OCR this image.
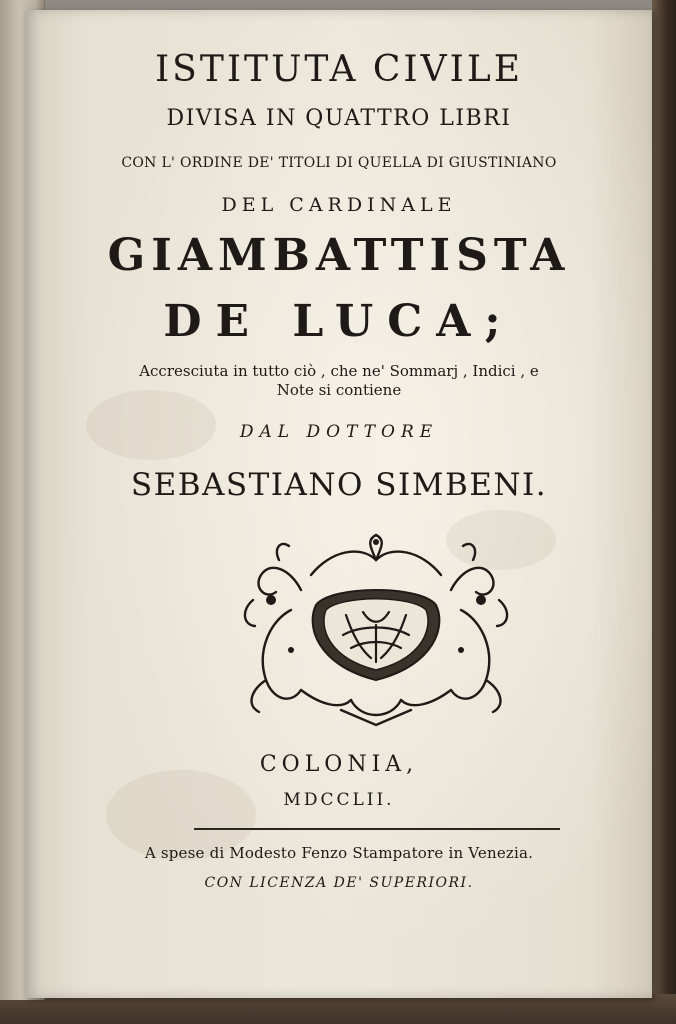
ISTITUTA CIVILE
DIVISA IN QUATTRO LIBRI
CON L' ORDINE DE' TITOLI DI QUELLA DI GIUSTINIANO
DEL CARDINALE
GIAMBATTISTA
DE LUCA;
Accresciuta in tutto ciò , che ne' Sommarj , Indici , e Note si contiene
DAL DOTTORE
SEBASTIANO SIMBENI.
COLONIA,
MDCCLII.
A spese di Modesto Fenzo Stampatore in Venezia.
CON LICENZA DE' SUPERIORI.
